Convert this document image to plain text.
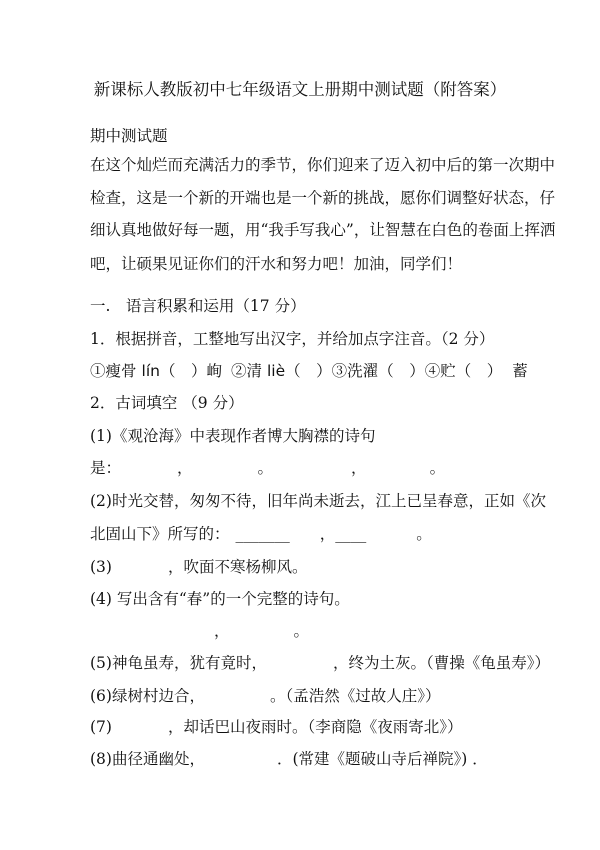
新课标人教版初中七年级语文上册期中测试题（附答案）
期中测试题
在这个灿烂而充满活力的季节，你们迎来了迈入初中后的第一次期中
检查，这是一个新的开端也是一个新的挑战，愿你们调整好状态，仔
细认真地做好每一题，用“我手写我心”，让智慧在白色的卷面上挥洒
吧，让硕果见证你们的汗水和努力吧！加油，同学们！
一.　语言积累和运用（17 分）
1．根据拼音，工整地写出汉字，并给加点字注音。（2 分）
①瘦骨 lín（　）峋 ②清 liè（　）③洗濯（　）④贮（　） 蓄
2．古词填空 （9 分）
(1)《观沧海》中表现作者博大胸襟的诗句
是：	，	。	，	。
(2)时光交替，匆匆不待，旧年尚未逝去，江上已呈春意，正如《次
北固山下》所写的： _______ ，____	。
(3)	，吹面不寒杨柳风。
(4) 写出含有“春”的一个完整的诗句。
，	。
(5)神龟虽寿，犹有竟时，	，终为土灰。（曹操《龟虽寿》）
(6)绿树村边合，	。（孟浩然《过故人庄》）
(7)	，却话巴山夜雨时。（李商隐《夜雨寄北》）
(8)曲径通幽处，	．(常建《题破山寺后禅院》) ．
